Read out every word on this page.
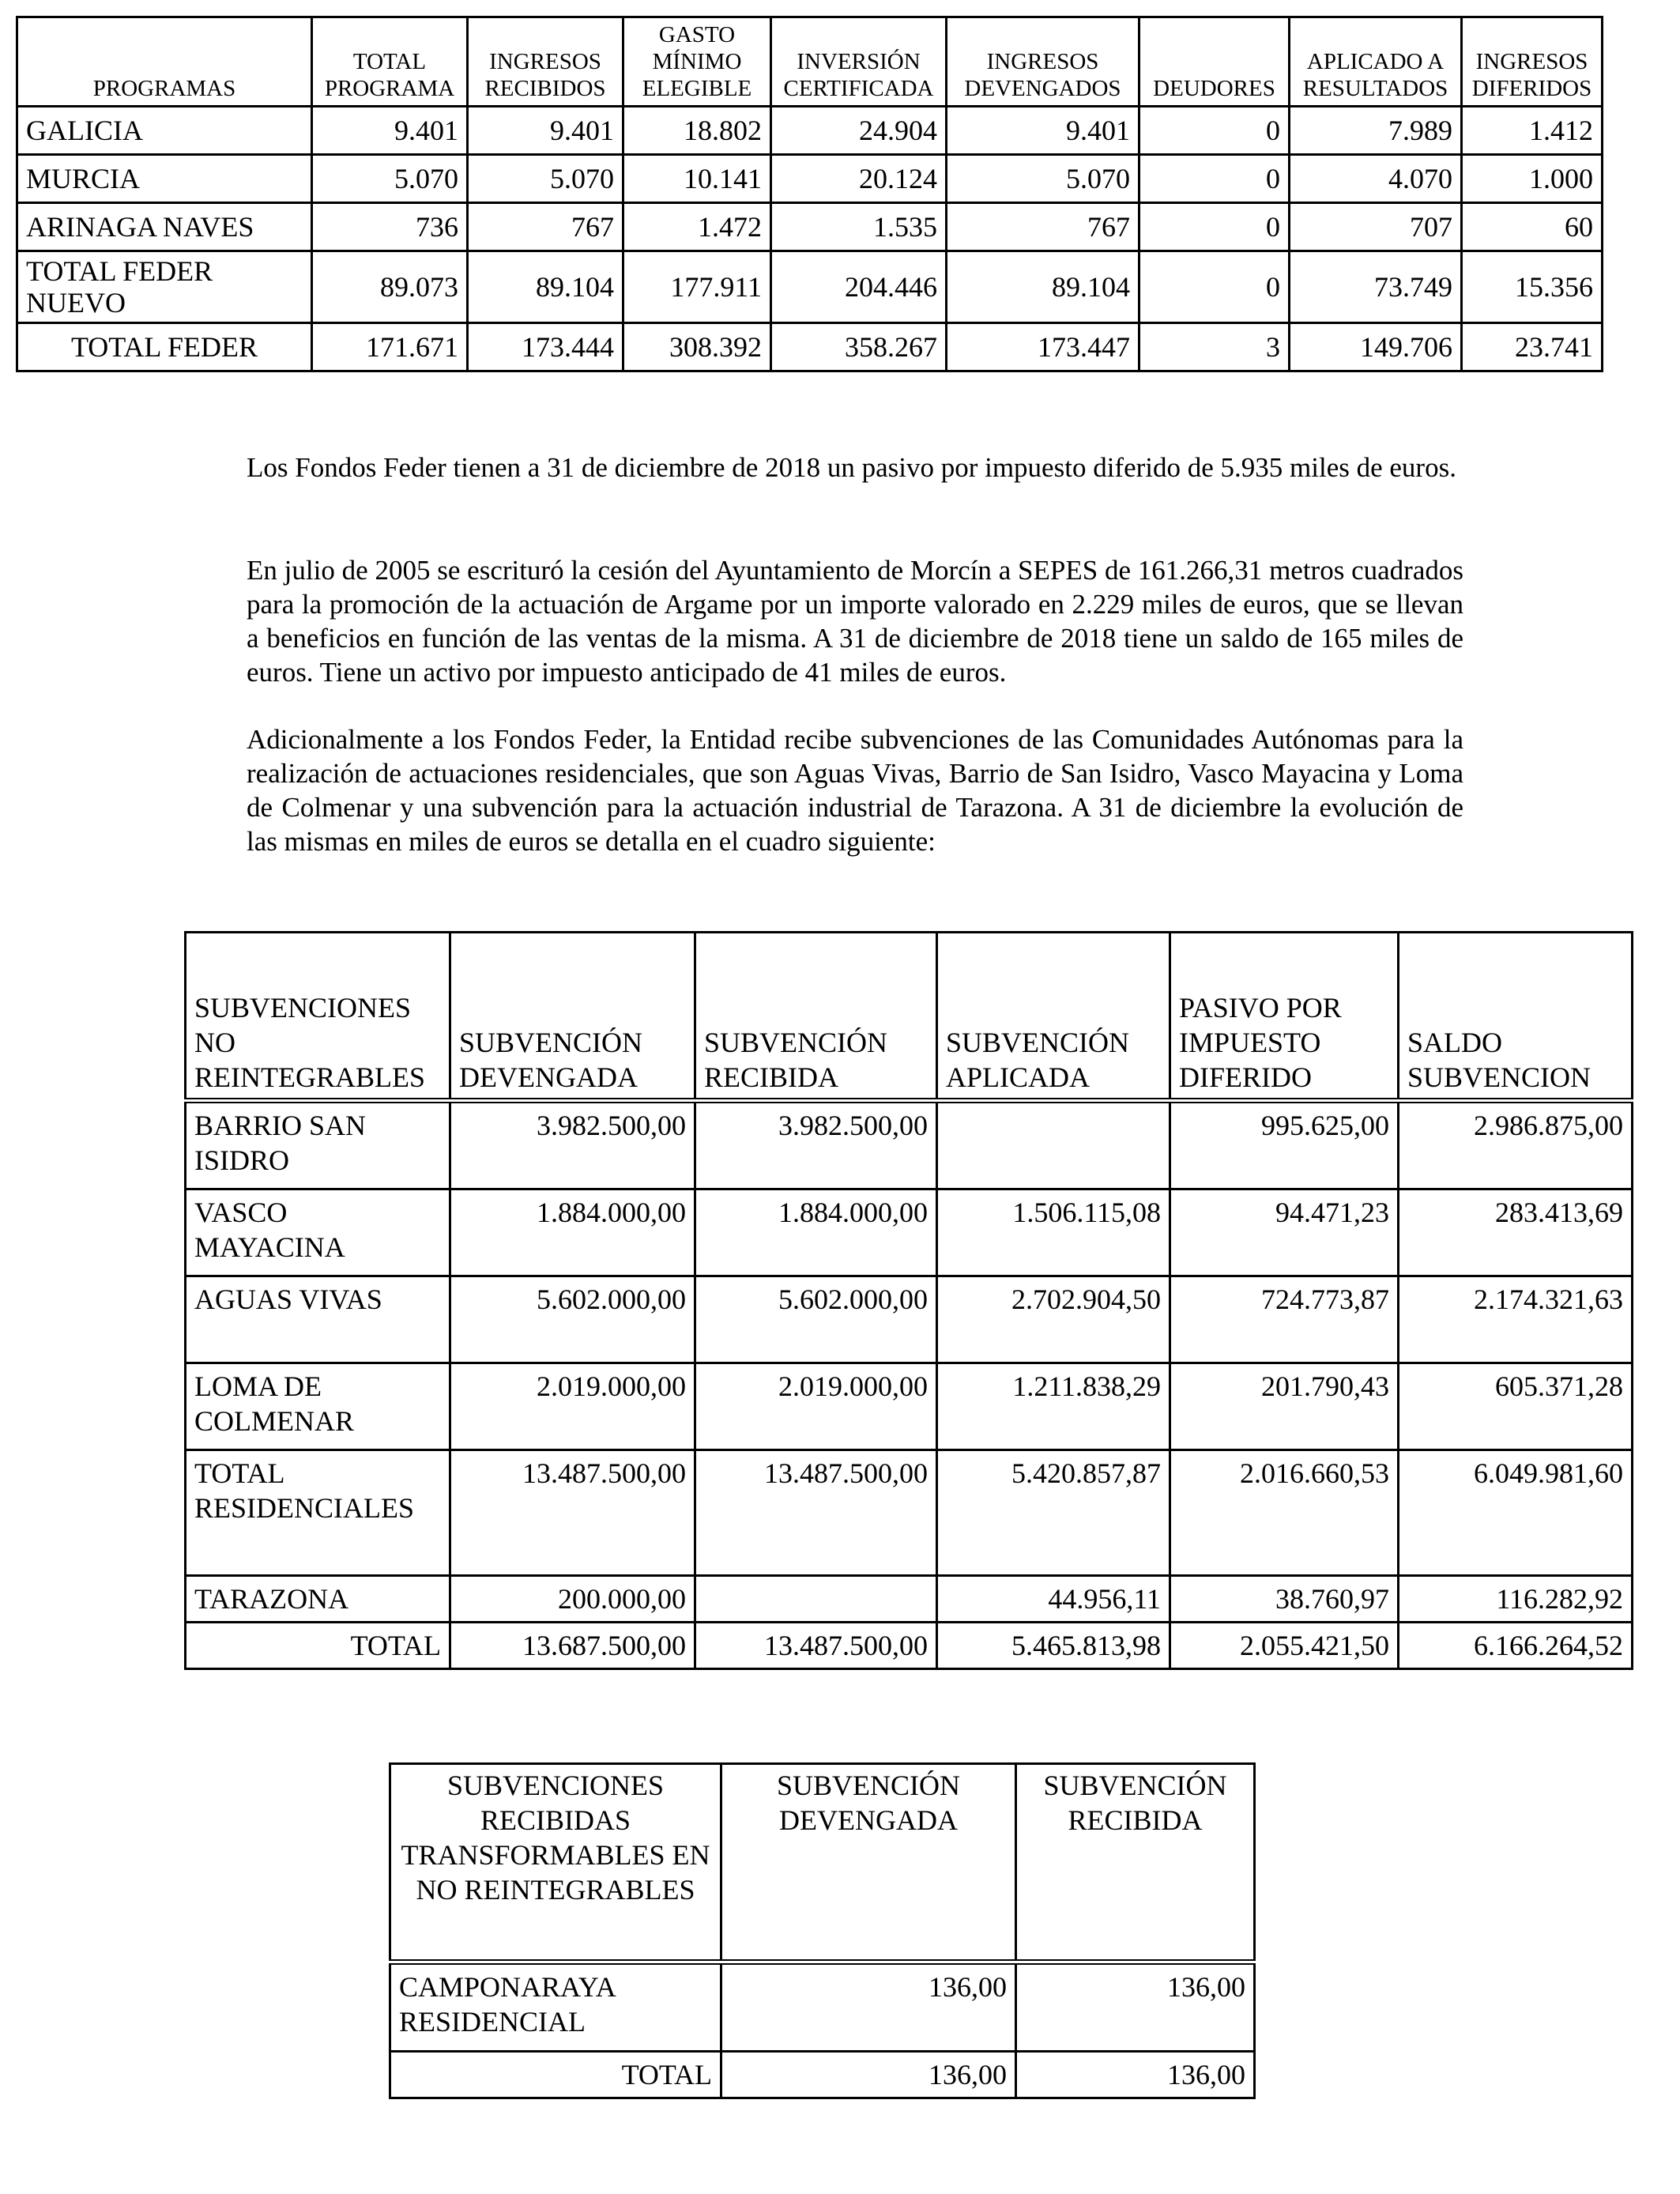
PROGRAMAS	TOTAL PROGRAMA	INGRESOS RECIBIDOS	GASTO MÍNIMO ELEGIBLE	INVERSIÓN CERTIFICADA	INGRESOS DEVENGADOS	DEUDORES	APLICADO A RESULTADOS	INGRESOS DIFERIDOS
GALICIA	9.401	9.401	18.802	24.904	9.401	0	7.989	1.412
MURCIA	5.070	5.070	10.141	20.124	5.070	0	4.070	1.000
ARINAGA NAVES	736	767	1.472	1.535	767	0	707	60
TOTAL FEDER NUEVO	89.073	89.104	177.911	204.446	89.104	0	73.749	15.356
TOTAL FEDER	171.671	173.444	308.392	358.267	173.447	3	149.706	23.741

Los Fondos Feder tienen a 31 de diciembre de 2018 un pasivo por impuesto diferido de 5.935 miles de euros.

En julio de 2005 se escrituró la cesión del Ayuntamiento de Morcín a SEPES de 161.266,31 metros cuadrados para la promoción de la actuación de Argame por un importe valorado en 2.229 miles de euros, que se llevan a beneficios en función de las ventas de la misma. A 31 de diciembre de 2018 tiene un saldo de 165 miles de euros. Tiene un activo por impuesto anticipado de 41 miles de euros.

Adicionalmente a los Fondos Feder, la Entidad recibe subvenciones de las Comunidades Autónomas para la realización de actuaciones residenciales, que son Aguas Vivas, Barrio de San Isidro, Vasco Mayacina y Loma de Colmenar y una subvención para la actuación industrial de Tarazona. A 31 de diciembre la evolución de las mismas en miles de euros se detalla en el cuadro siguiente:

SUBVENCIONES NO REINTEGRABLES	SUBVENCIÓN DEVENGADA	SUBVENCIÓN RECIBIDA	SUBVENCIÓN APLICADA	PASIVO POR IMPUESTO DIFERIDO	SALDO SUBVENCION
BARRIO SAN ISIDRO	3.982.500,00	3.982.500,00		995.625,00	2.986.875,00
VASCO MAYACINA	1.884.000,00	1.884.000,00	1.506.115,08	94.471,23	283.413,69
AGUAS VIVAS	5.602.000,00	5.602.000,00	2.702.904,50	724.773,87	2.174.321,63
LOMA DE COLMENAR	2.019.000,00	2.019.000,00	1.211.838,29	201.790,43	605.371,28
TOTAL RESIDENCIALES	13.487.500,00	13.487.500,00	5.420.857,87	2.016.660,53	6.049.981,60
TARAZONA	200.000,00		44.956,11	38.760,97	116.282,92
TOTAL	13.687.500,00	13.487.500,00	5.465.813,98	2.055.421,50	6.166.264,52
SUBVENCIONES RECIBIDAS TRANSFORMABLES EN NO REINTEGRABLES	SUBVENCIÓN DEVENGADA	SUBVENCIÓN RECIBIDA
CAMPONARAYA RESIDENCIAL	136,00	136,00
TOTAL	136,00	136,00
